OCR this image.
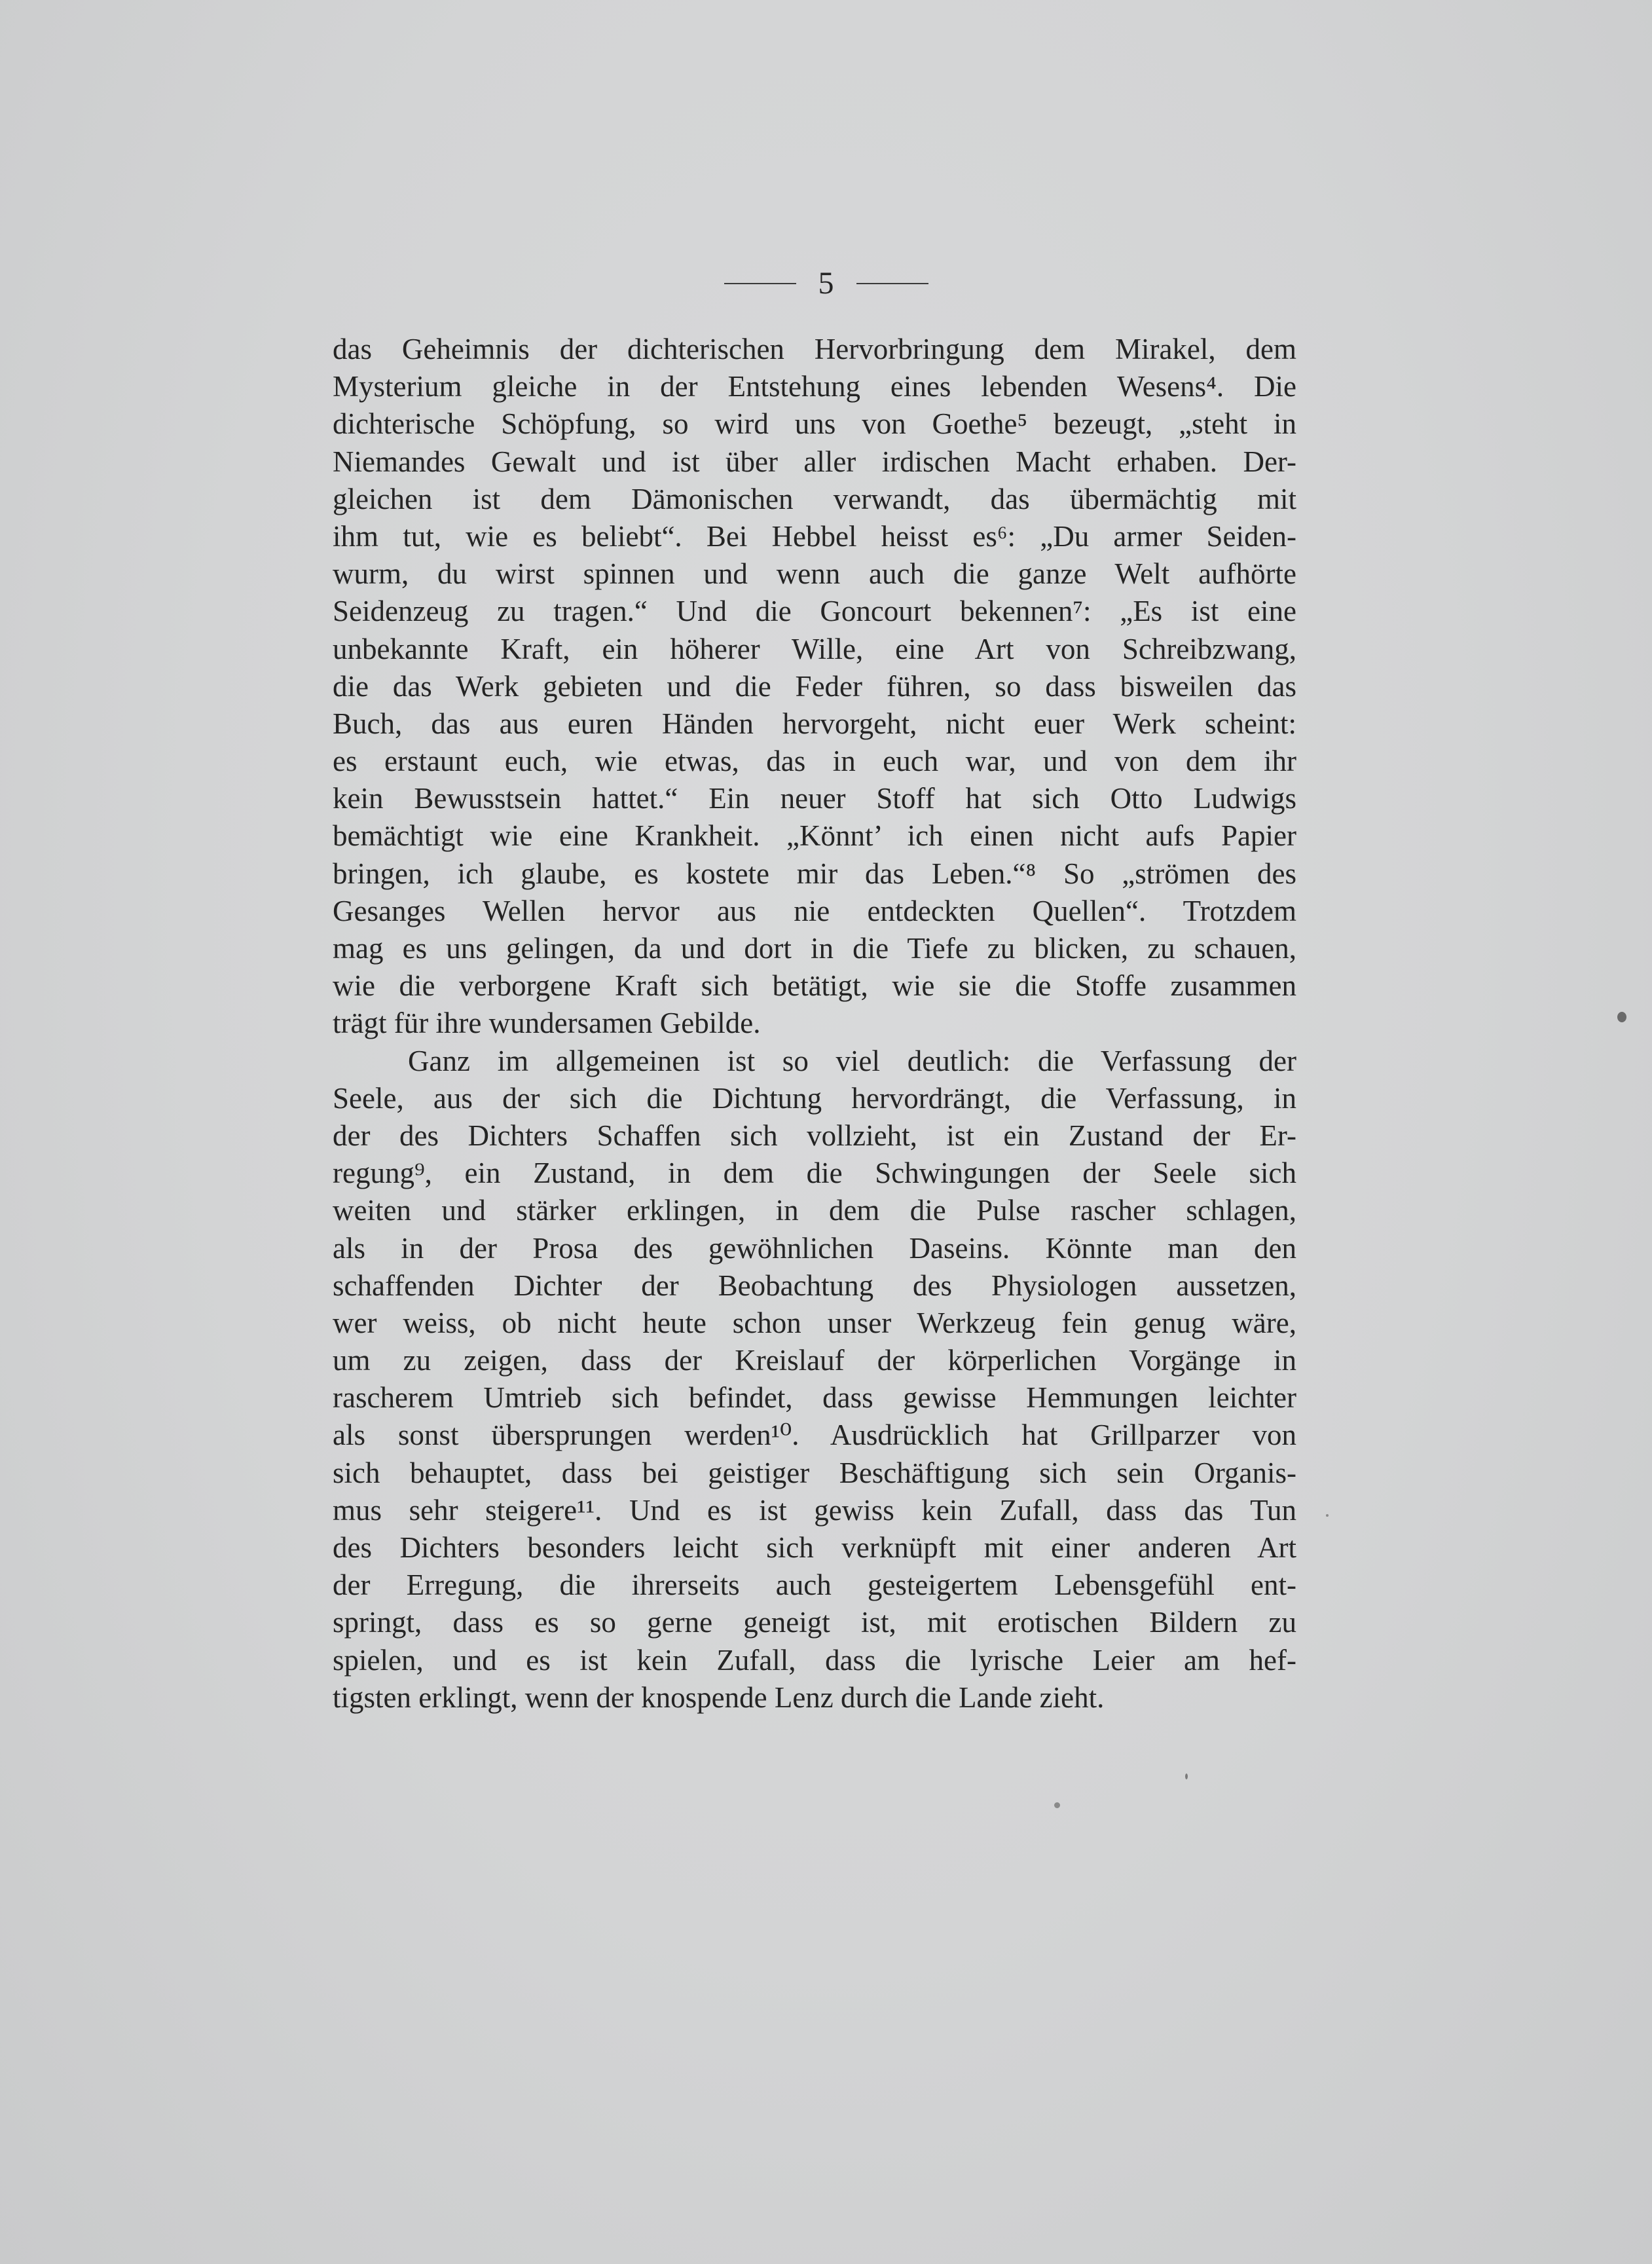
5
das Geheimnis der dichterischen Hervorbringung dem Mirakel, dem
Mysterium gleiche in der Entstehung eines lebenden Wesens⁴. Die
dichterische Schöpfung, so wird uns von Goethe⁵ bezeugt, „steht in
Niemandes Gewalt und ist über aller irdischen Macht erhaben. Der-
gleichen ist dem Dämonischen verwandt, das übermächtig mit
ihm tut, wie es beliebt“. Bei Hebbel heisst es⁶: „Du armer Seiden-
wurm, du wirst spinnen und wenn auch die ganze Welt aufhörte
Seidenzeug zu tragen.“ Und die Goncourt bekennen⁷: „Es ist eine
unbekannte Kraft, ein höherer Wille, eine Art von Schreibzwang,
die das Werk gebieten und die Feder führen, so dass bisweilen das
Buch, das aus euren Händen hervorgeht, nicht euer Werk scheint:
es erstaunt euch, wie etwas, das in euch war, und von dem ihr
kein Bewusstsein hattet.“ Ein neuer Stoff hat sich Otto Ludwigs
bemächtigt wie eine Krankheit. „Könnt’ ich einen nicht aufs Papier
bringen, ich glaube, es kostete mir das Leben.“⁸ So „strömen des
Gesanges Wellen hervor aus nie entdeckten Quellen“. Trotzdem
mag es uns gelingen, da und dort in die Tiefe zu blicken, zu schauen,
wie die verborgene Kraft sich betätigt, wie sie die Stoffe zusammen
trägt für ihre wundersamen Gebilde.
Ganz im allgemeinen ist so viel deutlich: die Verfassung der
Seele, aus der sich die Dichtung hervordrängt, die Verfassung, in
der des Dichters Schaffen sich vollzieht, ist ein Zustand der Er-
regung⁹, ein Zustand, in dem die Schwingungen der Seele sich
weiten und stärker erklingen, in dem die Pulse rascher schlagen,
als in der Prosa des gewöhnlichen Daseins. Könnte man den
schaffenden Dichter der Beobachtung des Physiologen aussetzen,
wer weiss, ob nicht heute schon unser Werkzeug fein genug wäre,
um zu zeigen, dass der Kreislauf der körperlichen Vorgänge in
rascherem Umtrieb sich befindet, dass gewisse Hemmungen leichter
als sonst übersprungen werden¹⁰. Ausdrücklich hat Grillparzer von
sich behauptet, dass bei geistiger Beschäftigung sich sein Organis-
mus sehr steigere¹¹. Und es ist gewiss kein Zufall, dass das Tun
des Dichters besonders leicht sich verknüpft mit einer anderen Art
der Erregung, die ihrerseits auch gesteigertem Lebensgefühl ent-
springt, dass es so gerne geneigt ist, mit erotischen Bildern zu
spielen, und es ist kein Zufall, dass die lyrische Leier am hef-
tigsten erklingt, wenn der knospende Lenz durch die Lande zieht.
